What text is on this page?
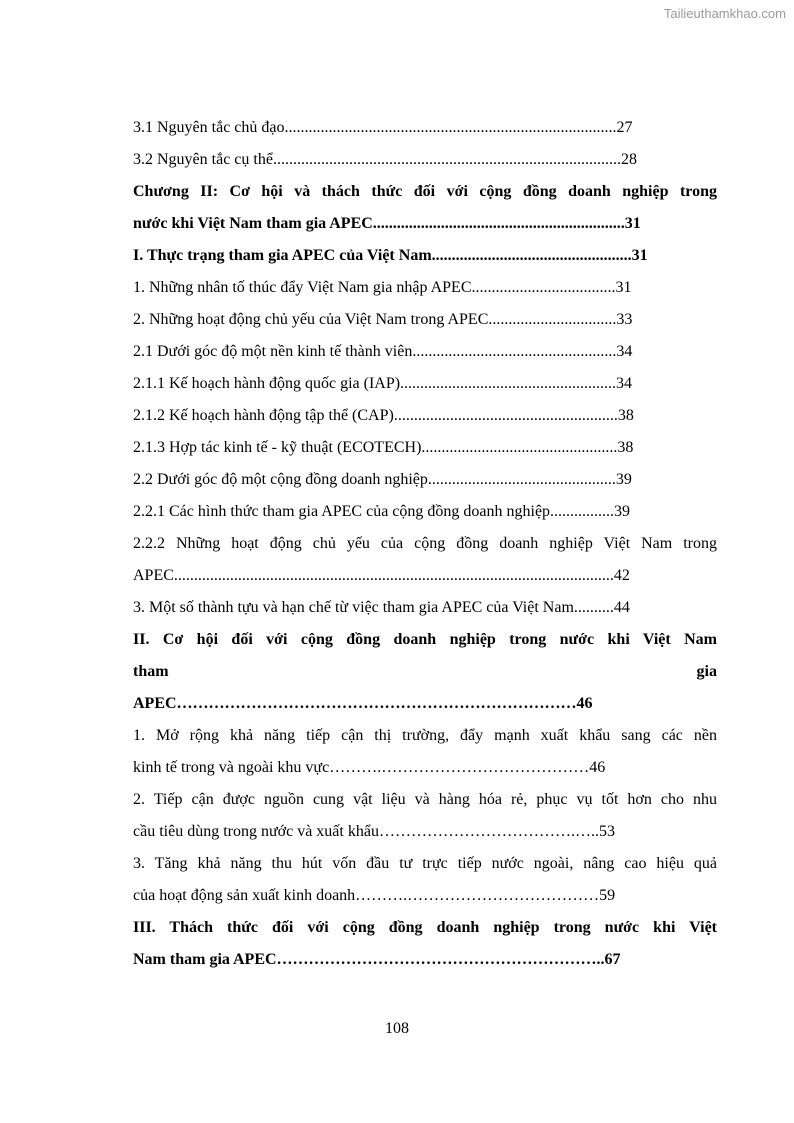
Tailieuthamkhao.com
3.1 Nguyên tắc chủ đạo...................................................................................27
3.2 Nguyên tắc cụ thể.......................................................................................28
Chương II: Cơ hội và thách thức đối với cộng đồng doanh nghiệp trong
nước khi Việt Nam tham gia APEC...............................................................31
I. Thực trạng tham gia APEC của Việt Nam..................................................31
1. Những nhân tố thúc đẩy Việt Nam gia nhập APEC....................................31
2. Những hoạt động chủ yếu của Việt Nam trong APEC................................33
2.1 Dưới góc độ một nền kinh tế thành viên...................................................34
2.1.1 Kế hoạch hành động quốc gia (IAP)......................................................34
2.1.2 Kế hoạch hành động tập thể (CAP)........................................................38
2.1.3 Hợp tác kinh tế - kỹ thuật (ECOTECH).................................................38
2.2 Dưới góc độ một cộng đồng doanh nghiệp...............................................39
2.2.1 Các hình thức tham gia APEC của cộng đồng doanh nghiệp................39
2.2.2 Những hoạt động chủ yếu của cộng đồng doanh nghiệp Việt Nam trong
APEC..............................................................................................................42
3. Một số thành tựu và hạn chế từ việc tham gia APEC của Việt Nam..........44
II. Cơ hội đối với cộng đồng doanh nghiệp trong nước khi Việt Nam
tham gia
APEC…………………………………………………………………46
1. Mở rộng khả năng tiếp cận thị trường, đẩy mạnh xuất khẩu sang các nền
kinh tế trong và ngoài khu vực……….…………………………………46
2. Tiếp cận được nguồn cung vật liệu và hàng hóa rẻ, phục vụ tốt hơn cho nhu
cầu tiêu dùng trong nước và xuất khẩu……………………………….…..53
3. Tăng khả năng thu hút vốn đầu tư trực tiếp nước ngoài, nâng cao hiệu quả
của hoạt động sản xuất kinh doanh……….………………………………59
III. Thách thức đối với cộng đồng doanh nghiệp trong nước khi Việt
Nam tham gia APEC……………………………………………………..67
108
